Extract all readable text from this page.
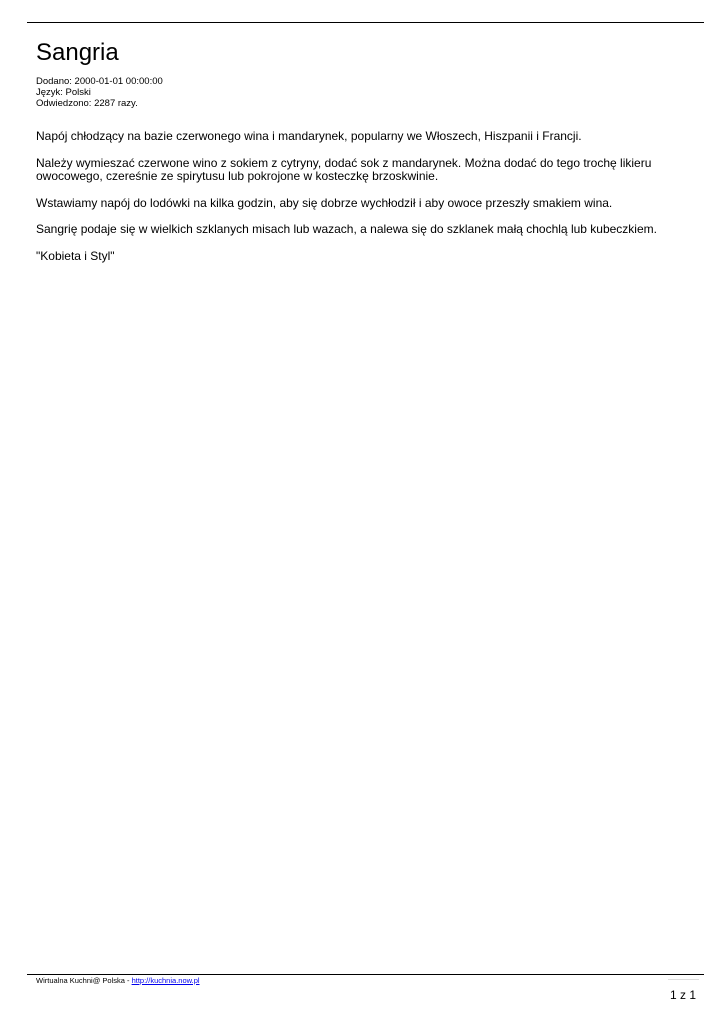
Sangria
Dodano: 2000-01-01 00:00:00
Język: Polski
Odwiedzono: 2287 razy.

Napój chłodzący na bazie czerwonego wina i mandarynek, popularny we Włoszech, Hiszpanii i Francji.

Należy wymieszać czerwone wino z sokiem z cytryny, dodać sok z mandarynek. Można dodać do tego trochę likieru owocowego, czereśnie ze spirytusu lub pokrojone w kosteczkę brzoskwinie.

Wstawiamy napój do lodówki na kilka godzin, aby się dobrze wychłodził i aby owoce przeszły smakiem wina.

Sangrię podaje się w wielkich szklanych misach lub wazach, a nalewa się do szklanek małą chochlą lub kubeczkiem.

"Kobieta i Styl"

Wirtualna Kuchni@ Polska - http://kuchnia.now.pl
1 z 1
